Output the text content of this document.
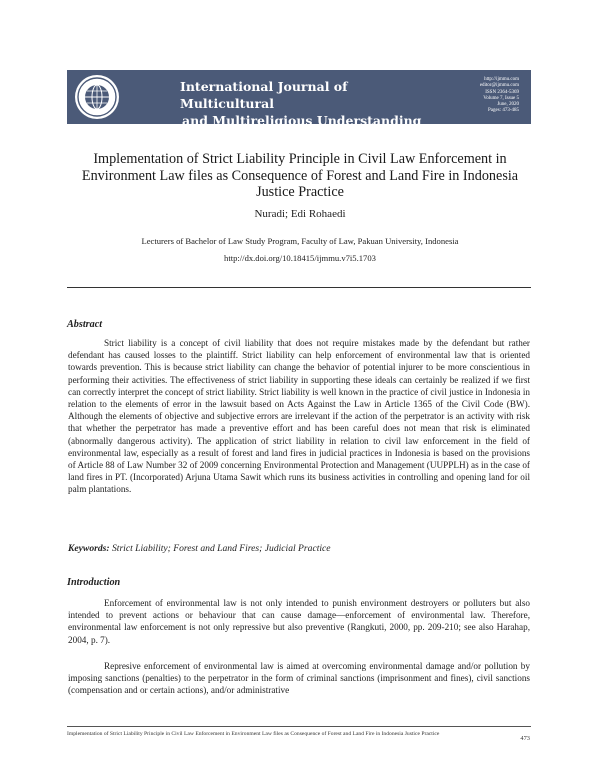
International Journal of Multicultural
and Multireligious Understanding
http://ijmmu.com
editor@ijmmu.com
ISSN 2364-5369
Volume 7, Issue 5
June, 2020
Pages: 473-485
Implementation of Strict Liability Principle in Civil Law Enforcement in Environment Law files as Consequence of Forest and Land Fire in Indonesia Justice Practice
Nuradi; Edi Rohaedi
Lecturers of Bachelor of Law Study Program, Faculty of Law, Pakuan University, Indonesia
http://dx.doi.org/10.18415/ijmmu.v7i5.1703
Abstract

Strict liability is a concept of civil liability that does not require mistakes made by the defendant but rather defendant has caused losses to the plaintiff. Strict liability can help enforcement of environmental law that is oriented towards prevention. This is because strict liability can change the behavior of potential injurer to be more conscientious in performing their activities. The effectiveness of strict liability in supporting these ideals can certainly be realized if we first can correctly interpret the concept of strict liability. Strict liability is well known in the practice of civil justice in Indonesia in relation to the elements of error in the lawsuit based on Acts Against the Law in Article 1365 of the Civil Code (BW). Although the elements of objective and subjective errors are irrelevant if the action of the perpetrator is an activity with risk that whether the perpetrator has made a preventive effort and has been careful does not mean that risk is eliminated (abnormally dangerous activity). The application of strict liability in relation to civil law enforcement in the field of environmental law, especially as a result of forest and land fires in judicial practices in Indonesia is based on the provisions of Article 88 of Law Number 32 of 2009 concerning Environmental Protection and Management (UUPPLH) as in the case of land fires in PT. (Incorporated) Arjuna Utama Sawit which runs its business activities in controlling and opening land for oil palm plantations.

Keywords: Strict Liability; Forest and Land Fires; Judicial Practice
Introduction

Enforcement of environmental law is not only intended to punish environment destroyers or polluters but also intended to prevent actions or behaviour that can cause damage—enforcement of environmental law. Therefore, environmental law enforcement is not only repressive but also preventive (Rangkuti, 2000, pp. 209-210; see also Harahap, 2004, p. 7).

Represive enforcement of environmental law is aimed at overcoming environmental damage and/or pollution by imposing sanctions (penalties) to the perpetrator in the form of criminal sanctions (imprisonment and fines), civil sanctions (compensation and or certain actions), and/or administrative

Implementation of Strict Liability Principle in Civil Law Enforcement in Environment Law files as Consequence of Forest and Land Fire in Indonesia Justice Practice
473
